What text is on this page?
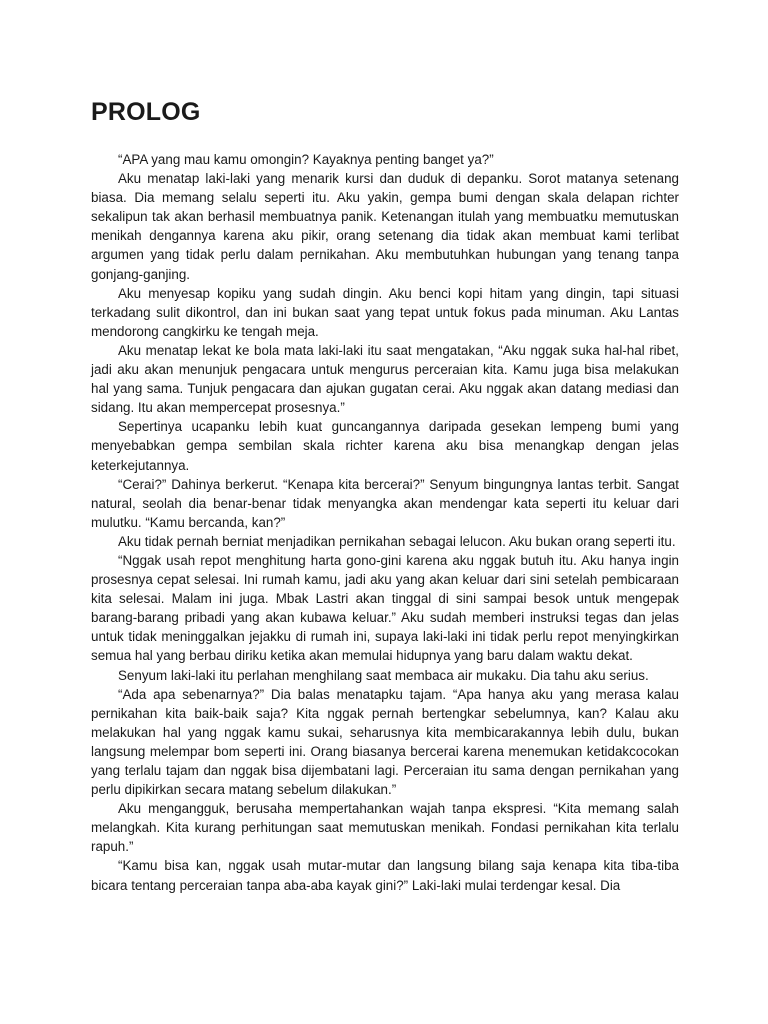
PROLOG

“APA yang mau kamu omongin? Kayaknya penting banget ya?”

Aku menatap laki-laki yang menarik kursi dan duduk di depanku. Sorot matanya setenang biasa. Dia memang selalu seperti itu. Aku yakin, gempa bumi dengan skala delapan richter sekalipun tak akan berhasil membuatnya panik. Ketenangan itulah yang membuatku memutuskan menikah dengannya karena aku pikir, orang setenang dia tidak akan membuat kami terlibat argumen yang tidak perlu dalam pernikahan. Aku membutuhkan hubungan yang tenang tanpa gonjang-ganjing.

Aku menyesap kopiku yang sudah dingin. Aku benci kopi hitam yang dingin, tapi situasi terkadang sulit dikontrol, dan ini bukan saat yang tepat untuk fokus pada minuman. Aku Lantas mendorong cangkirku ke tengah meja.

Aku menatap lekat ke bola mata laki-laki itu saat mengatakan, “Aku nggak suka hal-hal ribet, jadi aku akan menunjuk pengacara untuk mengurus perceraian kita. Kamu juga bisa melakukan hal yang sama. Tunjuk pengacara dan ajukan gugatan cerai. Aku nggak akan datang mediasi dan sidang. Itu akan mempercepat prosesnya.”

Sepertinya ucapanku lebih kuat guncangannya daripada gesekan lempeng bumi yang menyebabkan gempa sembilan skala richter karena aku bisa menangkap dengan jelas keterkejutannya.

“Cerai?” Dahinya berkerut. “Kenapa kita bercerai?” Senyum bingungnya lantas terbit. Sangat natural, seolah dia benar-benar tidak menyangka akan mendengar kata seperti itu keluar dari mulutku. “Kamu bercanda, kan?”

Aku tidak pernah berniat menjadikan pernikahan sebagai lelucon. Aku bukan orang seperti itu.

“Nggak usah repot menghitung harta gono-gini karena aku nggak butuh itu. Aku hanya ingin prosesnya cepat selesai. Ini rumah kamu, jadi aku yang akan keluar dari sini setelah pembicaraan kita selesai. Malam ini juga. Mbak Lastri akan tinggal di sini sampai besok untuk mengepak barang-barang pribadi yang akan kubawa keluar.” Aku sudah memberi instruksi tegas dan jelas untuk tidak meninggalkan jejakku di rumah ini, supaya laki-laki ini tidak perlu repot menyingkirkan semua hal yang berbau diriku ketika akan memulai hidupnya yang baru dalam waktu dekat.

Senyum laki-laki itu perlahan menghilang saat membaca air mukaku. Dia tahu aku serius.

“Ada apa sebenarnya?” Dia balas menatapku tajam. “Apa hanya aku yang merasa kalau pernikahan kita baik-baik saja? Kita nggak pernah bertengkar sebelumnya, kan? Kalau aku melakukan hal yang nggak kamu sukai, seharusnya kita membicarakannya lebih dulu, bukan langsung melempar bom seperti ini. Orang biasanya bercerai karena menemukan ketidakcocokan yang terlalu tajam dan nggak bisa dijembatani lagi. Perceraian itu sama dengan pernikahan yang perlu dipikirkan secara matang sebelum dilakukan.”

Aku mengangguk, berusaha mempertahankan wajah tanpa ekspresi. “Kita memang salah melangkah. Kita kurang perhitungan saat memutuskan menikah. Fondasi pernikahan kita terlalu rapuh.”

“Kamu bisa kan, nggak usah mutar-mutar dan langsung bilang saja kenapa kita tiba-tiba bicara tentang perceraian tanpa aba-aba kayak gini?” Laki-laki mulai terdengar kesal. Dia
